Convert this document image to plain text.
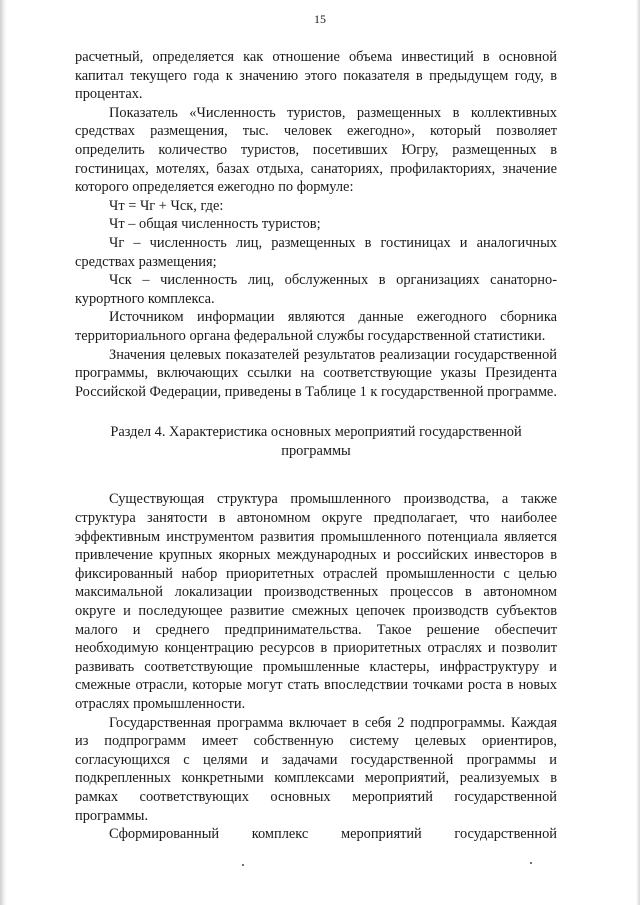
15

расчетный, определяется как отношение объема инвестиций в основной капитал текущего года к значению этого показателя в предыдущем году, в процентах.

Показатель «Численность туристов, размещенных в коллективных средствах размещения, тыс. человек ежегодно», который позволяет определить количество туристов, посетивших Югру, размещенных в гостиницах, мотелях, базах отдыха, санаториях, профилакториях, значение которого определяется ежегодно по формуле:

Чт = Чг + Чск, где:

Чт – общая численность туристов;

Чг – численность лиц, размещенных в гостиницах и аналогичных средствах размещения;

Чск – численность лиц, обслуженных в организациях санаторно-курортного комплекса.

Источником информации являются данные ежегодного сборника территориального органа федеральной службы государственной статистики.

Значения целевых показателей результатов реализации государственной программы, включающих ссылки на соответствующие указы Президента Российской Федерации, приведены в Таблице 1 к государственной программе.

Раздел 4. Характеристика основных мероприятий государственной программы

Существующая структура промышленного производства, а также структура занятости в автономном округе предполагает, что наиболее эффективным инструментом развития промышленного потенциала является привлечение крупных якорных международных и российских инвесторов в фиксированный набор приоритетных отраслей промышленности с целью максимальной локализации производственных процессов в автономном округе и последующее развитие смежных цепочек производств субъектов малого и среднего предпринимательства. Такое решение обеспечит необходимую концентрацию ресурсов в приоритетных отраслях и позволит развивать соответствующие промышленные кластеры, инфраструктуру и смежные отрасли, которые могут стать впоследствии точками роста в новых отраслях промышленности.

Государственная программа включает в себя 2 подпрограммы. Каждая из подпрограмм имеет собственную систему целевых ориентиров, согласующихся с целями и задачами государственной программы и подкрепленных конкретными комплексами мероприятий, реализуемых в рамках соответствующих основных мероприятий государственной программы.

Сформированный комплекс мероприятий государственной
